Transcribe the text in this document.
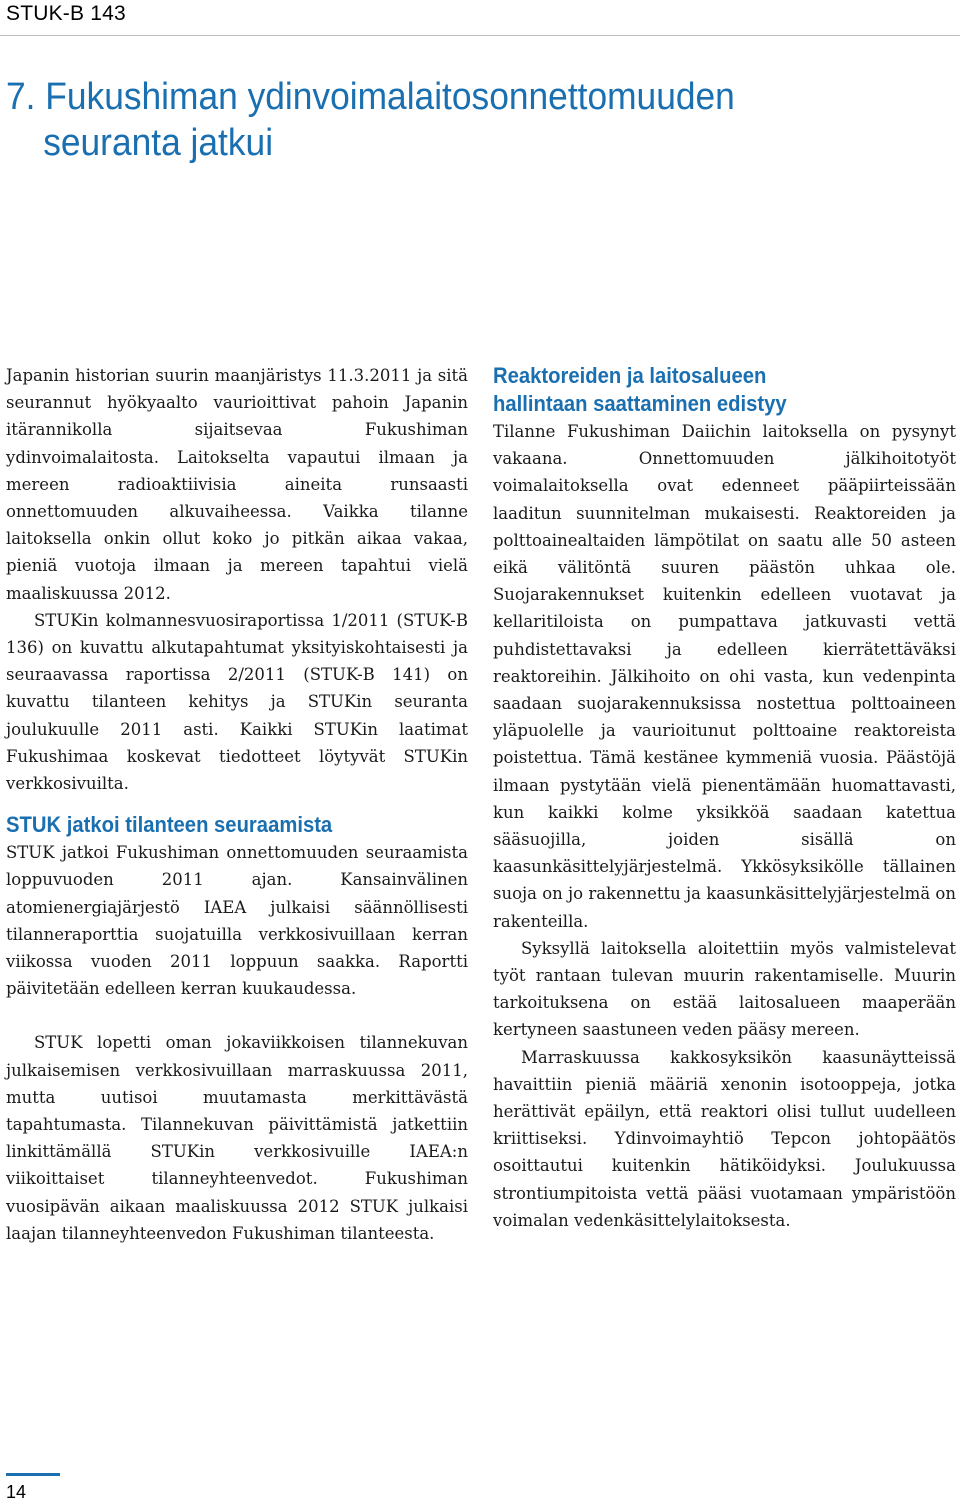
STUK-B 143
7. Fukushiman ydinvoimalaitosonnettomuuden
seuranta jatkui

Japanin historian suurin maanjäristys 11.3.2011 ja sitä seurannut hyökyaalto vaurioittivat pahoin Japanin itärannikolla sijaitsevaa Fukushiman ydinvoimalaitosta. Laitokselta vapautui ilmaan ja mereen radioaktiivisia aineita runsaasti onnettomuuden alkuvaiheessa. Vaikka tilanne laitoksella onkin ollut koko jo pitkän aikaa vakaa, pieniä vuotoja ilmaan ja mereen tapahtui vielä maaliskuussa 2012.

STUKin kolmannesvuosiraportissa 1/2011 (STUK-B 136) on kuvattu alkutapahtumat yksityiskohtaisesti ja seuraavassa raportissa 2/2011 (STUK-B 141) on kuvattu tilanteen kehitys ja STUKin seuranta joulukuulle 2011 asti. Kaikki STUKin laatimat Fukushimaa koskevat tiedotteet löytyvät STUKin verkkosivuilta.

STUK jatkoi tilanteen seuraamista

STUK jatkoi Fukushiman onnettomuuden seuraamista loppuvuoden 2011 ajan. Kansainvälinen atomienergiajärjestö IAEA julkaisi säännöllisesti tilanneraporttia suojatuilla verkkosivuillaan kerran viikossa vuoden 2011 loppuun saakka. Raportti päivitetään edelleen kerran kuukaudessa.

STUK lopetti oman jokaviikkoisen tilannekuvan julkaisemisen verkkosivuillaan marraskuussa 2011, mutta uutisoi muutamasta merkittävästä tapahtumasta. Tilannekuvan päivittämistä jatkettiin linkittämällä STUKin verkkosivuille IAEA:n viikoittaiset tilanneyhteenvedot. Fukushiman vuosipävän aikaan maaliskuussa 2012 STUK julkaisi laajan tilanneyhteenvedon Fukushiman tilanteesta.

Reaktoreiden ja laitosalueen
hallintaan saattaminen edistyy

Tilanne Fukushiman Daiichin laitoksella on pysynyt vakaana. Onnettomuuden jälkihoitotyöt voimalaitoksella ovat edenneet pääpiirteissään laaditun suunnitelman mukaisesti. Reaktoreiden ja polttoainealtaiden lämpötilat on saatu alle 50 asteen eikä välitöntä suuren päästön uhkaa ole. Suojarakennukset kuitenkin edelleen vuotavat ja kellaritiloista on pumpattava jatkuvasti vettä puhdistettavaksi ja edelleen kierrätettäväksi reaktoreihin. Jälkihoito on ohi vasta, kun vedenpinta saadaan suojarakennuksissa nostettua polttoaineen yläpuolelle ja vaurioitunut polttoaine reaktoreista poistettua. Tämä kestänee kymmeniä vuosia. Päästöjä ilmaan pystytään vielä pienentämään huomattavasti, kun kaikki kolme yksikköä saadaan katettua sääsuojilla, joiden sisällä on kaasunkäsittelyjärjestelmä. Ykkösyksikölle tällainen suoja on jo rakennettu ja kaasunkäsittelyjärjestelmä on rakenteilla.

Syksyllä laitoksella aloitettiin myös valmistelevat työt rantaan tulevan muurin rakentamiselle. Muurin tarkoituksena on estää laitosalueen maaperään kertyneen saastuneen veden pääsy mereen.

Marraskuussa kakkosyksikön kaasunäytteissä havaittiin pieniä määriä xenonin isotooppeja, jotka herättivät epäilyn, että reaktori olisi tullut uudelleen kriittiseksi. Ydinvoimayhtiö Tepcon johtopäätös osoittautui kuitenkin hätiköidyksi. Joulukuussa strontiumpitoista vettä pääsi vuotamaan ympäristöön voimalan vedenkäsittelylaitoksesta.

14
